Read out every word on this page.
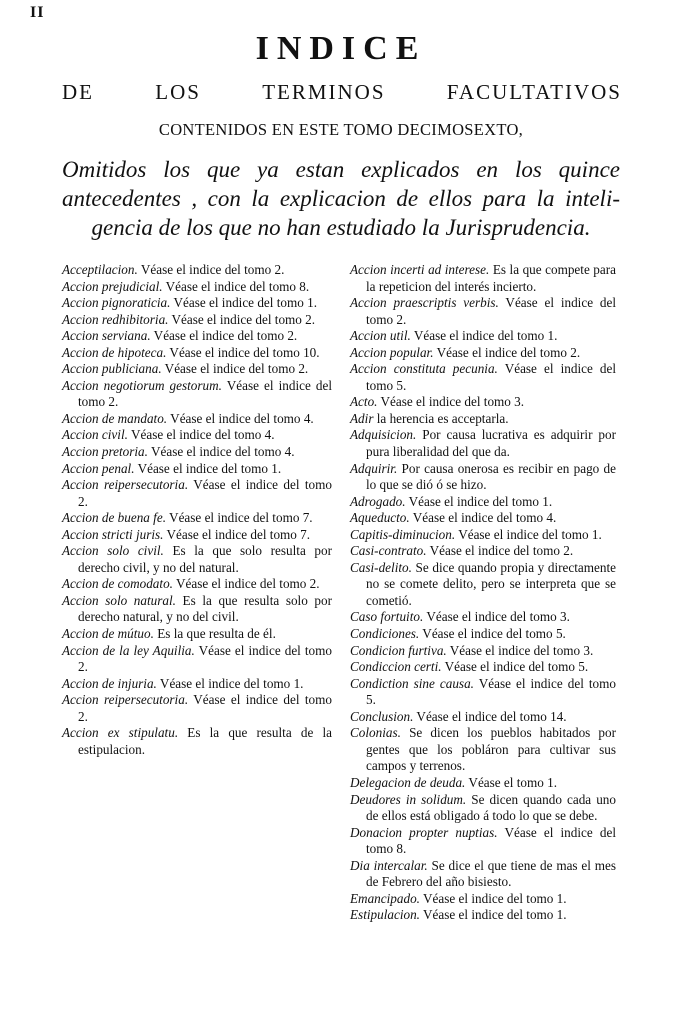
II
INDICE
DE	LOS	TERMINOS	FACULTATIVOS
CONTENIDOS EN ESTE TOMO DECIMOSEXTO,
Omitidos los que ya estan explicados en los quince
antecedentes , con la explicacion de ellos para la inteli-
gencia de los que no han estudiado la Jurisprudencia.

Acceptilacion. Véase el indice del tomo 2.

Accion prejudicial. Véase el indice del tomo 8.

Accion pignoraticia. Véase el indice del tomo 1.

Accion redhibitoria. Véase el indice del tomo 2.

Accion serviana. Véase el indice del tomo 2.

Accion de hipoteca. Véase el indice del tomo 10.

Accion publiciana. Véase el indice del tomo 2.

Accion negotiorum gestorum. Véase el indice del tomo 2.

Accion de mandato. Véase el indice del tomo 4.

Accion civil. Véase el indice del tomo 4.

Accion pretoria. Véase el indice del tomo 4.

Accion penal. Véase el indice del tomo 1.

Accion reipersecutoria. Véase el indice del tomo 2.

Accion de buena fe. Véase el indice del tomo 7.

Accion stricti juris. Véase el indice del tomo 7.

Accion solo civil. Es la que solo resulta por derecho civil, y no del natural.

Accion de comodato. Véase el indice del tomo 2.

Accion solo natural. Es la que resulta solo por derecho natural, y no del civil.

Accion de mútuo. Es la que resulta de él.

Accion de la ley Aquilia. Véase el indice del tomo 2.

Accion de injuria. Véase el indice del tomo 1.

Accion reipersecutoria. Véase el indice del tomo 2.

Accion ex stipulatu. Es la que resulta de la estipulacion.

Accion incerti ad interese. Es la que compete para la repeticion del interés incierto.

Accion praescriptis verbis. Véase el indice del tomo 2.

Accion util. Véase el indice del tomo 1.

Accion popular. Véase el indice del tomo 2.

Accion constituta pecunia. Véase el indice del tomo 5.

Acto. Véase el indice del tomo 3.

Adir la herencia es acceptarla.

Adquisicion. Por causa lucrativa es adquirir por pura liberalidad del que da.

Adquirir. Por causa onerosa es recibir en pago de lo que se dió ó se hizo.

Adrogado. Véase el indice del tomo 1.

Aqueducto. Véase el indice del tomo 4.

Capitis-diminucion. Véase el indice del tomo 1.

Casi-contrato. Véase el indice del tomo 2.

Casi-delito. Se dice quando propia y directamente no se comete delito, pero se interpreta que se cometió.

Caso fortuito. Véase el indice del tomo 3.

Condiciones. Véase el indice del tomo 5.

Condicion furtiva. Véase el indice del tomo 3.

Condiccion certi. Véase el indice del tomo 5.

Condiction sine causa. Véase el indice del tomo 5.

Conclusion. Véase el indice del tomo 14.

Colonias. Se dicen los pueblos habitados por gentes que los pobláron para cultivar sus campos y terrenos.

Delegacion de deuda. Véase el tomo 1.

Deudores in solidum. Se dicen quando cada uno de ellos está obligado á todo lo que se debe.

Donacion propter nuptias. Véase el indice del tomo 8.

Dia intercalar. Se dice el que tiene de mas el mes de Febrero del año bisiesto.

Emancipado. Véase el indice del tomo 1.

Estipulacion. Véase el indice del tomo 1.
